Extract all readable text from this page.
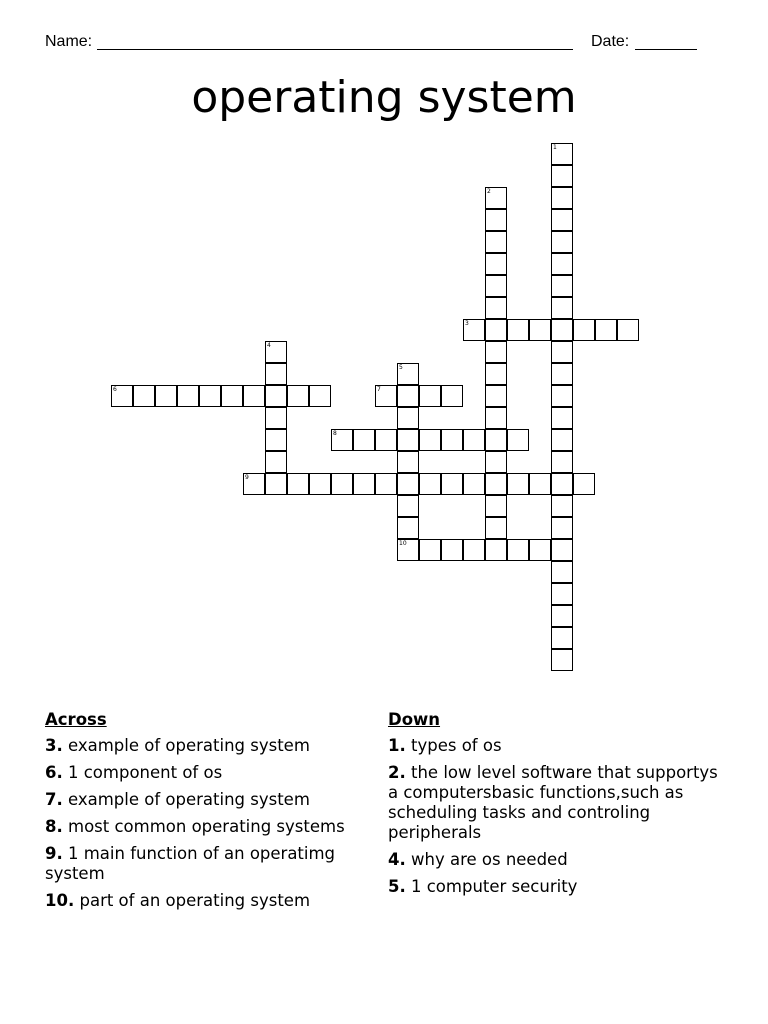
Name:	Date:
operating system
1
2
3
4
5
10
6	7
8
9
Across
3. example of operating system
6. 1 component of os
7. example of operating system
8. most common operating systems
9. 1 main function of an operatimg system
10. part of an operating system
Down
1. types of os
2. the low level software that supportys a computersbasic functions,such as scheduling tasks and controling peripherals
4. why are os needed
5. 1 computer security
